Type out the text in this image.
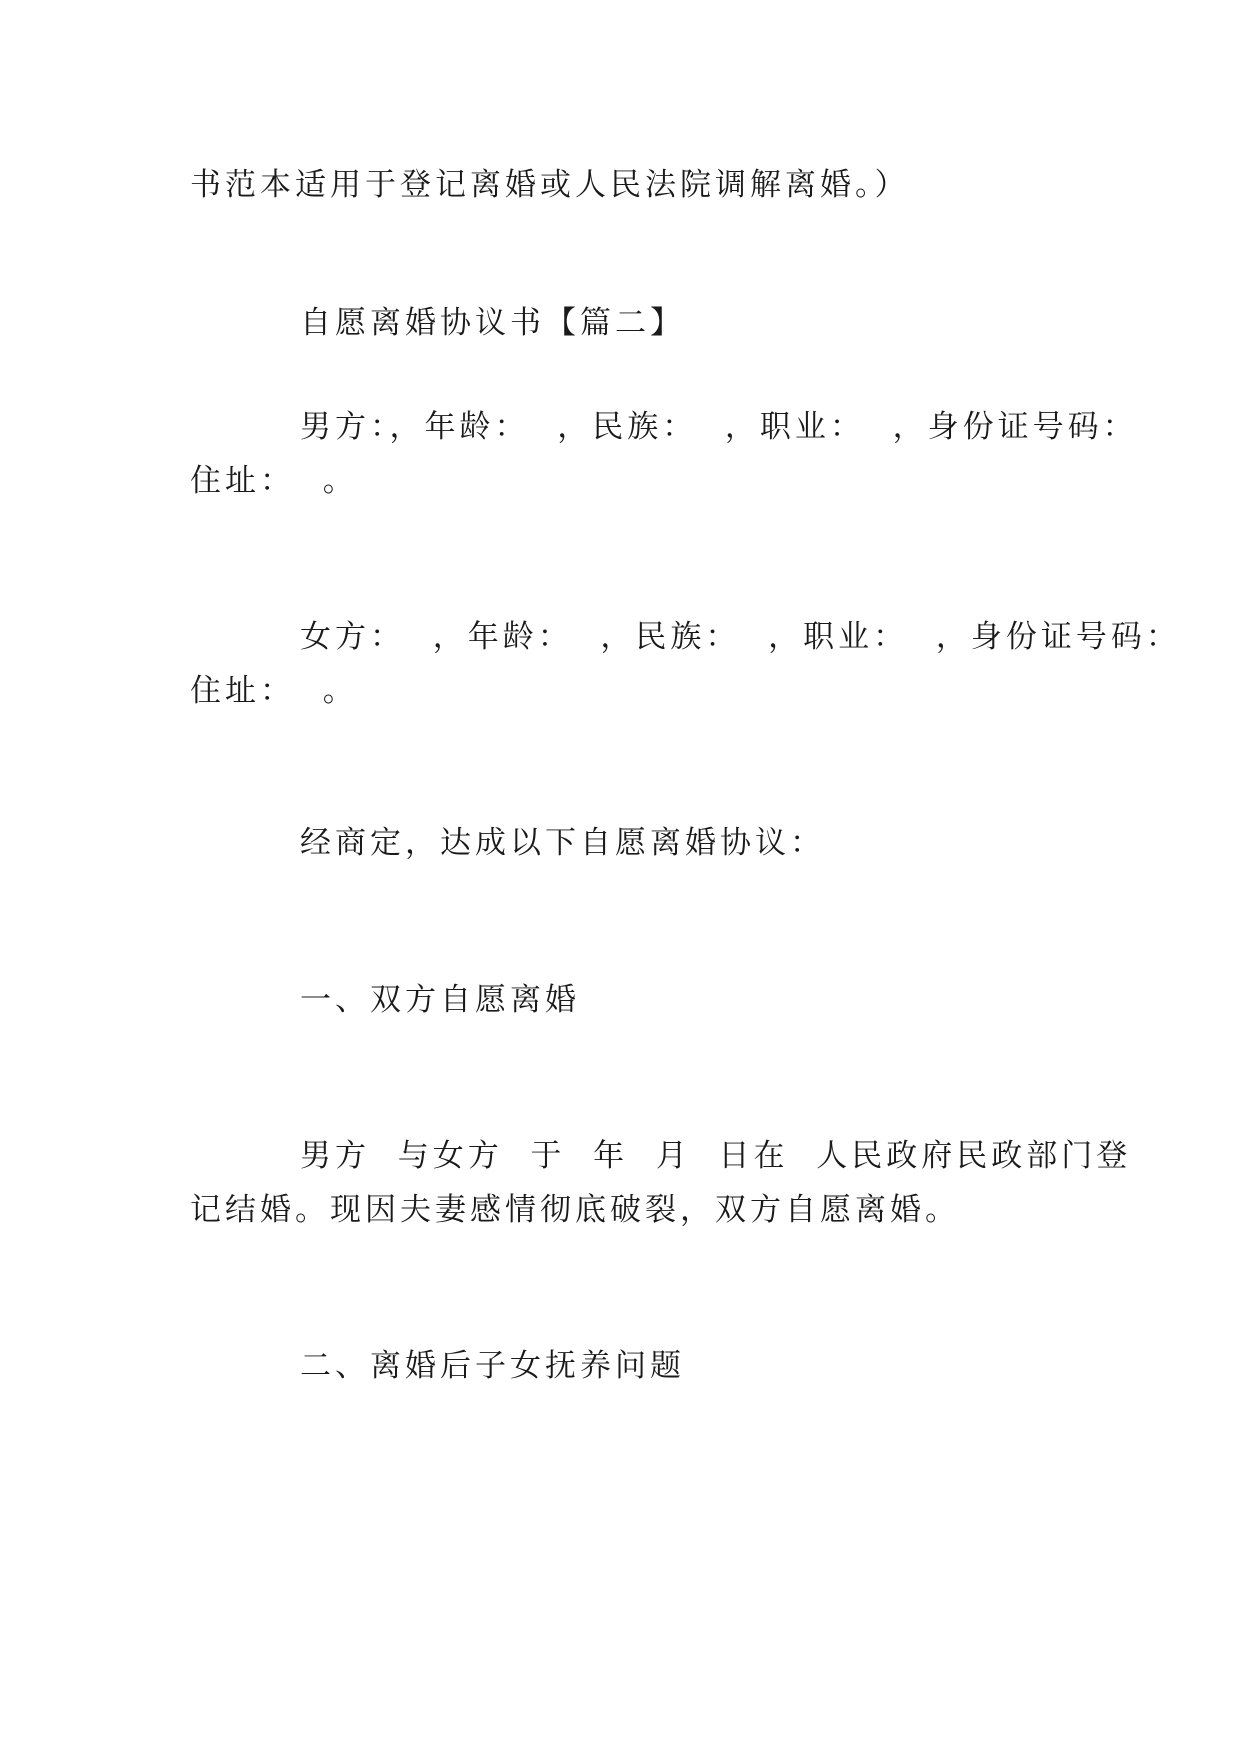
书范本适用于登记离婚或人民法院调解离婚。）
自愿离婚协议书【篇二】
男方：，年龄：  ，民族：  ，职业：  ，身份证号码：
住址：  。
女方：  ，年龄：  ，民族：  ，职业：  ，身份证号码：
住址：  。
经商定，达成以下自愿离婚协议：
一、双方自愿离婚
男方  与女方  于  年  月  日在  人民政府民政部门登
记结婚。现因夫妻感情彻底破裂，双方自愿离婚。
二、离婚后子女抚养问题
